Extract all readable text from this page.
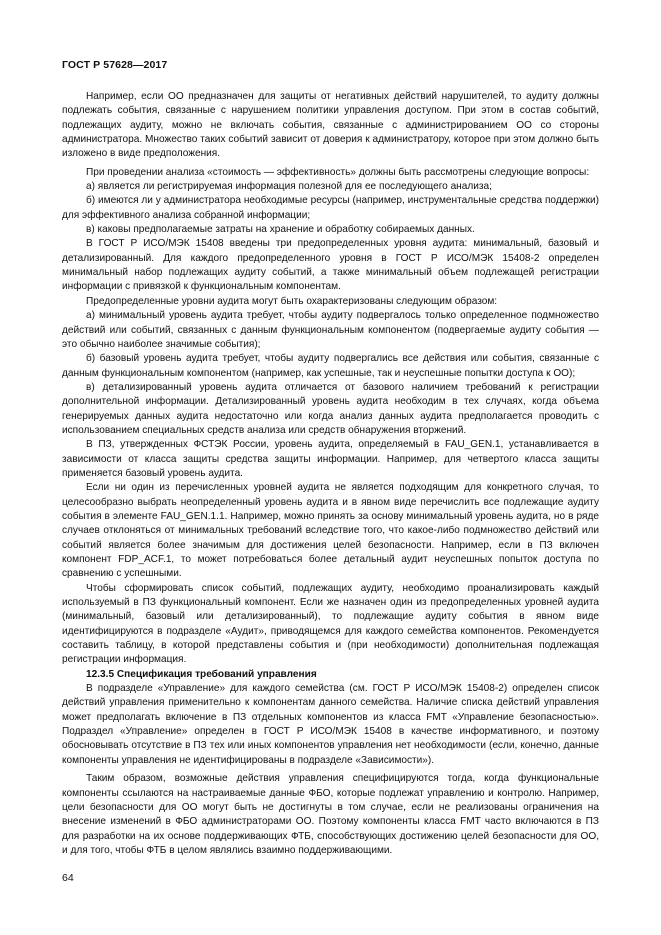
ГОСТ Р 57628—2017

Например, если ОО предназначен для защиты от негативных действий нарушителей, то аудиту должны подлежать события, связанные с нарушением политики управления доступом. При этом в состав событий, подлежащих аудиту, можно не включать события, связанные с администрированием ОО со стороны администратора. Множество таких событий зависит от доверия к администратору, которое при этом должно быть изложено в виде предположения.

При проведении анализа «стоимость — эффективность» должны быть рассмотрены следующие вопросы:

а) является ли регистрируемая информация полезной для ее последующего анализа;

б) имеются ли у администратора необходимые ресурсы (например, инструментальные средства поддержки) для эффективного анализа собранной информации;

в) каковы предполагаемые затраты на хранение и обработку собираемых данных.

В ГОСТ Р ИСО/МЭК 15408 введены три предопределенных уровня аудита: минимальный, базовый и детализированный. Для каждого предопределенного уровня в ГОСТ Р ИСО/МЭК 15408-2 определен минимальный набор подлежащих аудиту событий, а также минимальный объем подлежащей регистрации информации с привязкой к функциональным компонентам.

Предопределенные уровни аудита могут быть охарактеризованы следующим образом:

а) минимальный уровень аудита требует, чтобы аудиту подвергалось только определенное подмножество действий или событий, связанных с данным функциональным компонентом (подвергаемые аудиту события — это обычно наиболее значимые события);

б) базовый уровень аудита требует, чтобы аудиту подвергались все действия или события, связанные с данным функциональным компонентом (например, как успешные, так и неуспешные попытки доступа к ОО);

в) детализированный уровень аудита отличается от базового наличием требований к регистрации дополнительной информации. Детализированный уровень аудита необходим в тех случаях, когда объема генерируемых данных аудита недостаточно или когда анализ данных аудита предполагается проводить с использованием специальных средств анализа или средств обнаружения вторжений.

В ПЗ, утвержденных ФСТЭК России, уровень аудита, определяемый в FAU_GEN.1, устанавливается в зависимости от класса защиты средства защиты информации. Например, для четвертого класса защиты применяется базовый уровень аудита.

Если ни один из перечисленных уровней аудита не является подходящим для конкретного случая, то целесообразно выбрать неопределенный уровень аудита и в явном виде перечислить все подлежащие аудиту события в элементе FAU_GEN.1.1. Например, можно принять за основу минимальный уровень аудита, но в ряде случаев отклоняться от минимальных требований вследствие того, что какое-либо подмножество действий или событий является более значимым для достижения целей безопасности. Например, если в ПЗ включен компонент FDP_ACF.1, то может потребоваться более детальный аудит неуспешных попыток доступа по сравнению с успешными.

Чтобы сформировать список событий, подлежащих аудиту, необходимо проанализировать каждый используемый в ПЗ функциональный компонент. Если же назначен один из предопределенных уровней аудита (минимальный, базовый или детализированный), то подлежащие аудиту события в явном виде идентифицируются в подразделе «Аудит», приводящемся для каждого семейства компонентов. Рекомендуется составить таблицу, в которой представлены события и (при необходимости) дополнительная подлежащая регистрации информация.

12.3.5 Спецификация требований управления

В подразделе «Управление» для каждого семейства (см. ГОСТ Р ИСО/МЭК 15408-2) определен список действий управления применительно к компонентам данного семейства. Наличие списка действий управления может предполагать включение в ПЗ отдельных компонентов из класса FMT «Управление безопасностью». Подраздел «Управление» определен в ГОСТ Р ИСО/МЭК 15408 в качестве информативного, и поэтому обосновывать отсутствие в ПЗ тех или иных компонентов управления нет необходимости (если, конечно, данные компоненты управления не идентифицированы в подразделе «Зависимости»).

Таким образом, возможные действия управления специфицируются тогда, когда функциональные компоненты ссылаются на настраиваемые данные ФБО, которые подлежат управлению и контролю. Например, цели безопасности для ОО могут быть не достигнуты в том случае, если не реализованы ограничения на внесение изменений в ФБО администраторами ОО. Поэтому компоненты класса FMT часто включаются в ПЗ для разработки на их основе поддерживающих ФТБ, способствующих достижению целей безопасности для ОО, и для того, чтобы ФТБ в целом являлись взаимно поддерживающими.

64
